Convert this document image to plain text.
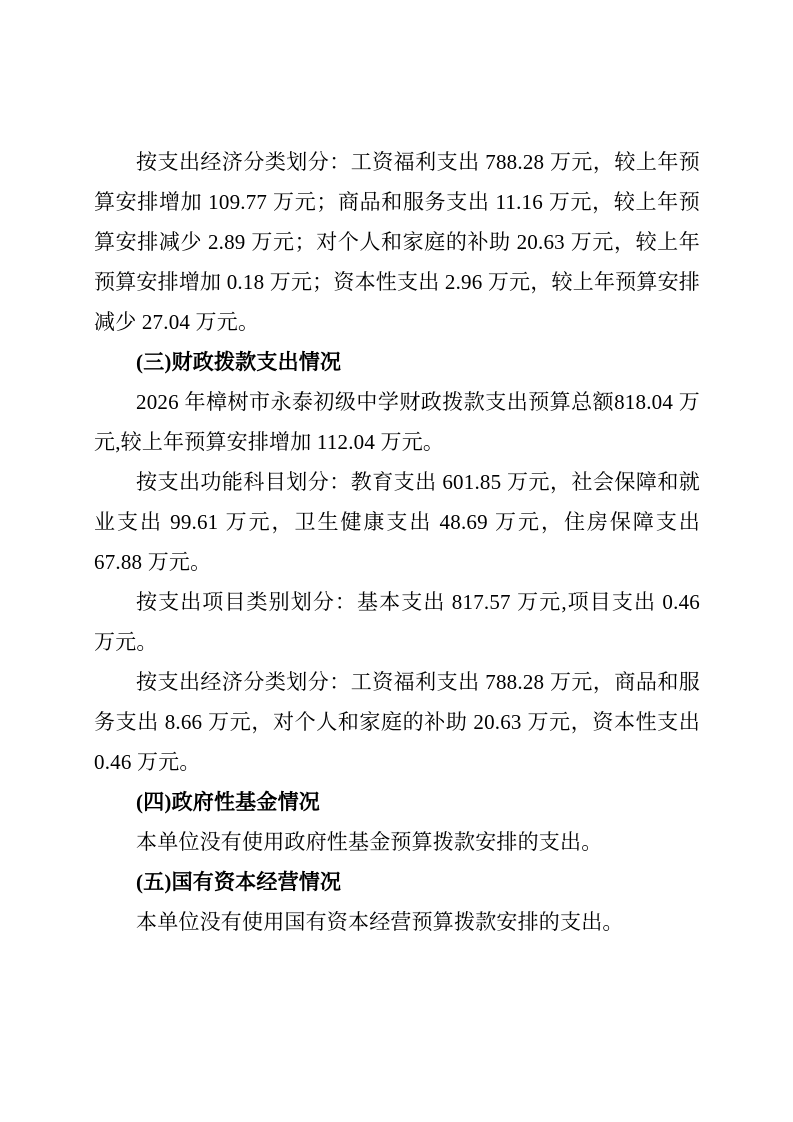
按支出经济分类划分：工资福利支出 788.28 万元，较上年预算安排增加 109.77 万元；商品和服务支出 11.16 万元，较上年预算安排减少 2.89 万元；对个人和家庭的补助 20.63 万元，较上年预算安排增加 0.18 万元；资本性支出 2.96 万元，较上年预算安排减少 27.04 万元。

(三)财政拨款支出情况

2026 年樟树市永泰初级中学财政拨款支出预算总额818.04 万元,较上年预算安排增加 112.04 万元。

按支出功能科目划分：教育支出 601.85 万元，社会保障和就业支出 99.61 万元，卫生健康支出 48.69 万元，住房保障支出 67.88 万元。

按支出项目类别划分：基本支出 817.57 万元,项目支出 0.46 万元。

按支出经济分类划分：工资福利支出 788.28 万元，商品和服务支出 8.66 万元，对个人和家庭的补助 20.63 万元，资本性支出 0.46 万元。

(四)政府性基金情况

本单位没有使用政府性基金预算拨款安排的支出。

(五)国有资本经营情况

本单位没有使用国有资本经营预算拨款安排的支出。
